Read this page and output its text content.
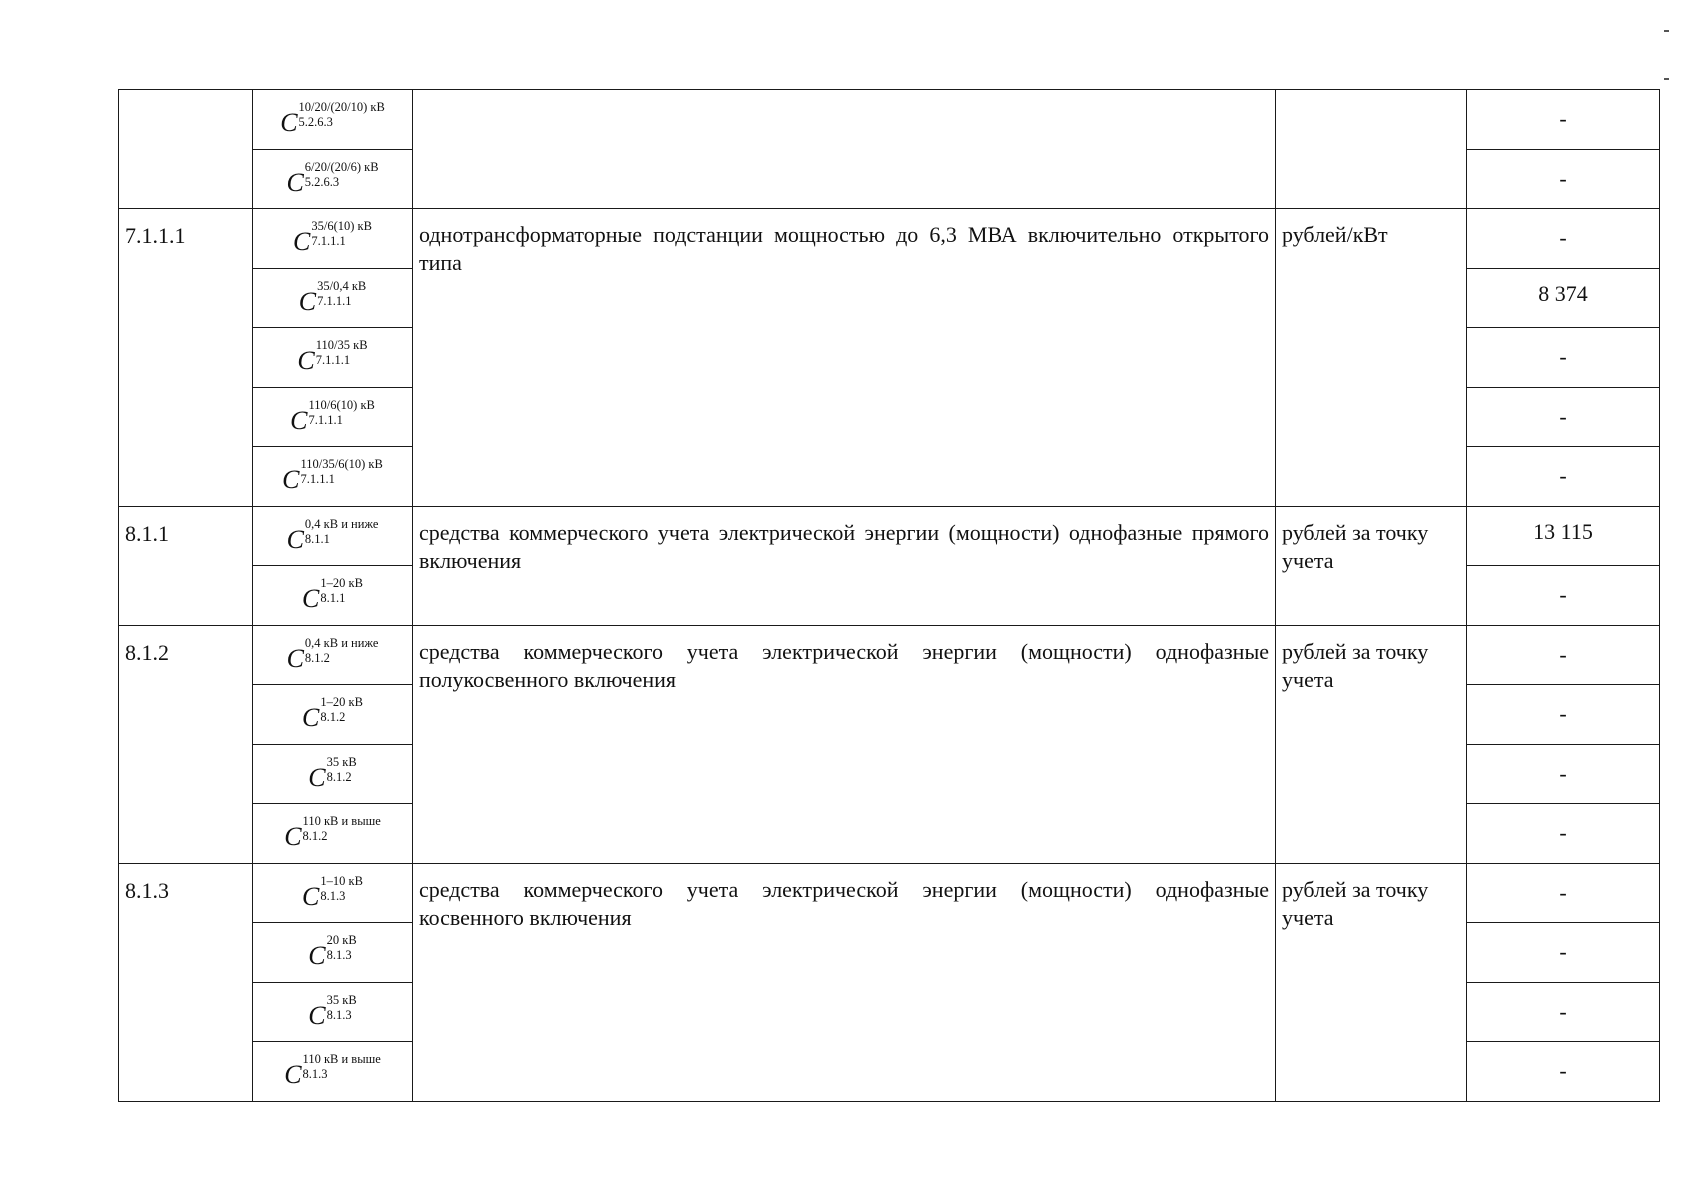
	C
10/20/(20/10) кВ
5.2.6.3			-

	C
6/20/(20/6) кВ
5.2.6.3			-
7.1.1.1	C
35/6(10) кВ
7.1.1.1	однотрансформаторные подстанции мощностью до 6,3 МВА включительно открытого типа	рублей/кВт	-

	C
35/0,4 кВ
7.1.1.1			8 374

	C
110/35 кВ
7.1.1.1			-

	C
110/6(10) кВ
7.1.1.1			-

	C
110/35/6(10) кВ
7.1.1.1			-
8.1.1	C
0,4 кВ и ниже
8.1.1	средства коммерческого учета электрической энергии (мощности) однофазные прямого включения	рублей за точку учета	13 115

	C
1–20 кВ
8.1.1			-
8.1.2	C
0,4 кВ и ниже
8.1.2	средства коммерческого учета электрической энергии (мощности) однофазные полукосвенного включения	рублей за точку учета	-

	C
1–20 кВ
8.1.2			-

	C
35 кВ
8.1.2			-

	C
110 кВ и выше
8.1.2			-
8.1.3	C
1–10 кВ
8.1.3	средства коммерческого учета электрической энергии (мощности) однофазные косвенного включения	рублей за точку учета	-

	C
20 кВ
8.1.3			-

	C
35 кВ
8.1.3			-

	C
110 кВ и выше
8.1.3			-
